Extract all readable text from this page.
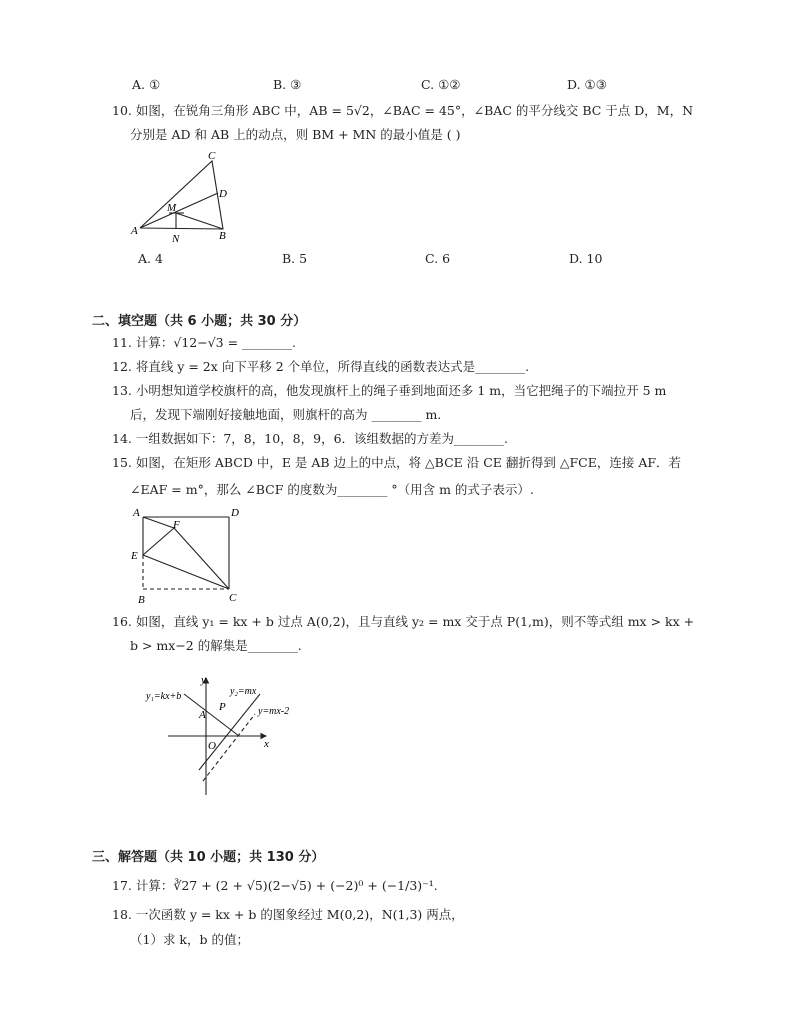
A. ①	B. ③	C. ①②	D. ①③
10. 如图，在锐角三角形 ABC 中，AB = 5√2，∠BAC = 45°，∠BAC 的平分线交 BC 于点 D，M，N
分别是 AD 和 AB 上的动点，则 BM + MN 的最小值是 ( )
A	B
C
D
M
N
A. 4	B. 5	C. 6	D. 10
二、填空题（共 6 小题；共 30 分）
11. 计算：√12−√3 = ________.
12. 将直线 y = 2x 向下平移 2 个单位，所得直线的函数表达式是________.
13. 小明想知道学校旗杆的高，他发现旗杆上的绳子垂到地面还多 1 m，当它把绳子的下端拉开 5 m
后，发现下端刚好接触地面，则旗杆的高为 ________ m.
14. 一组数据如下：7，8，10，8，9，6．该组数据的方差为________.
15. 如图，在矩形 ABCD 中，E 是 AB 边上的中点，将 △BCE 沿 CE 翻折得到 △FCE，连接 AF．若
∠EAF = m°，那么 ∠BCF 的度数为________ °（用含 m 的式子表示）.
A	D
F
E
B	C
16. 如图，直线 y₁ = kx + b 过点 A(0,2)，且与直线 y₂ = mx 交于点 P(1,m)，则不等式组 mx > kx +
b > mx−2 的解集是________.
y
x
O
A
P
y₁=kx+b	y₂=mx
y=mx-2
三、解答题（共 10 小题；共 130 分）
17. 计算：∛27 + (2 + √5)(2−√5) + (−2)⁰ + (−1/3)⁻¹.
18. 一次函数 y = kx + b 的图象经过 M(0,2)，N(1,3) 两点，
（1）求 k，b 的值；
